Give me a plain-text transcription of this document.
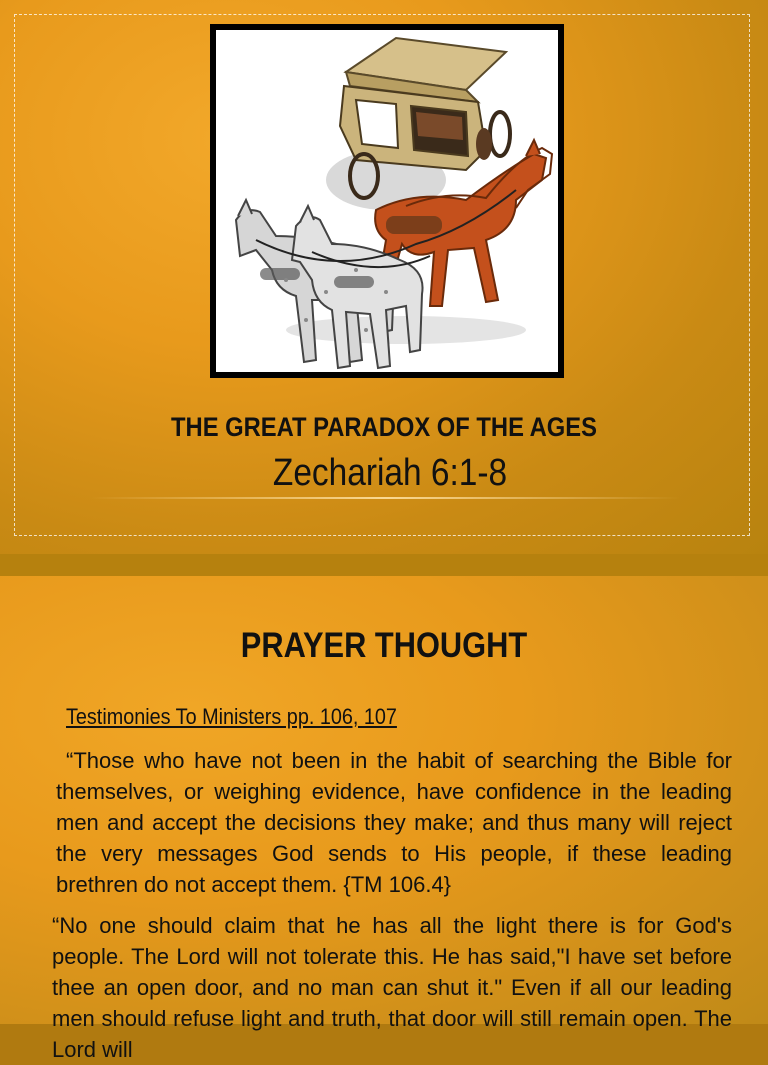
THE GREAT PARADOX OF THE AGES
Zechariah 6:1-8
PRAYER THOUGHT
Testimonies To Ministers pp. 106, 107
“Those who have not been in the habit of searching the Bible for themselves, or weighing evidence, have confidence in the leading men and accept the decisions they make; and thus many will reject the very messages God sends to His people, if these leading brethren do not accept them. {TM 106.4}
“No one should claim that he has all the light there is for God's people. The Lord will not tolerate this. He has said,"I have set before thee an open door, and no man can shut it." Even if all our leading men should refuse light and truth, that door will still remain open. The Lord will
